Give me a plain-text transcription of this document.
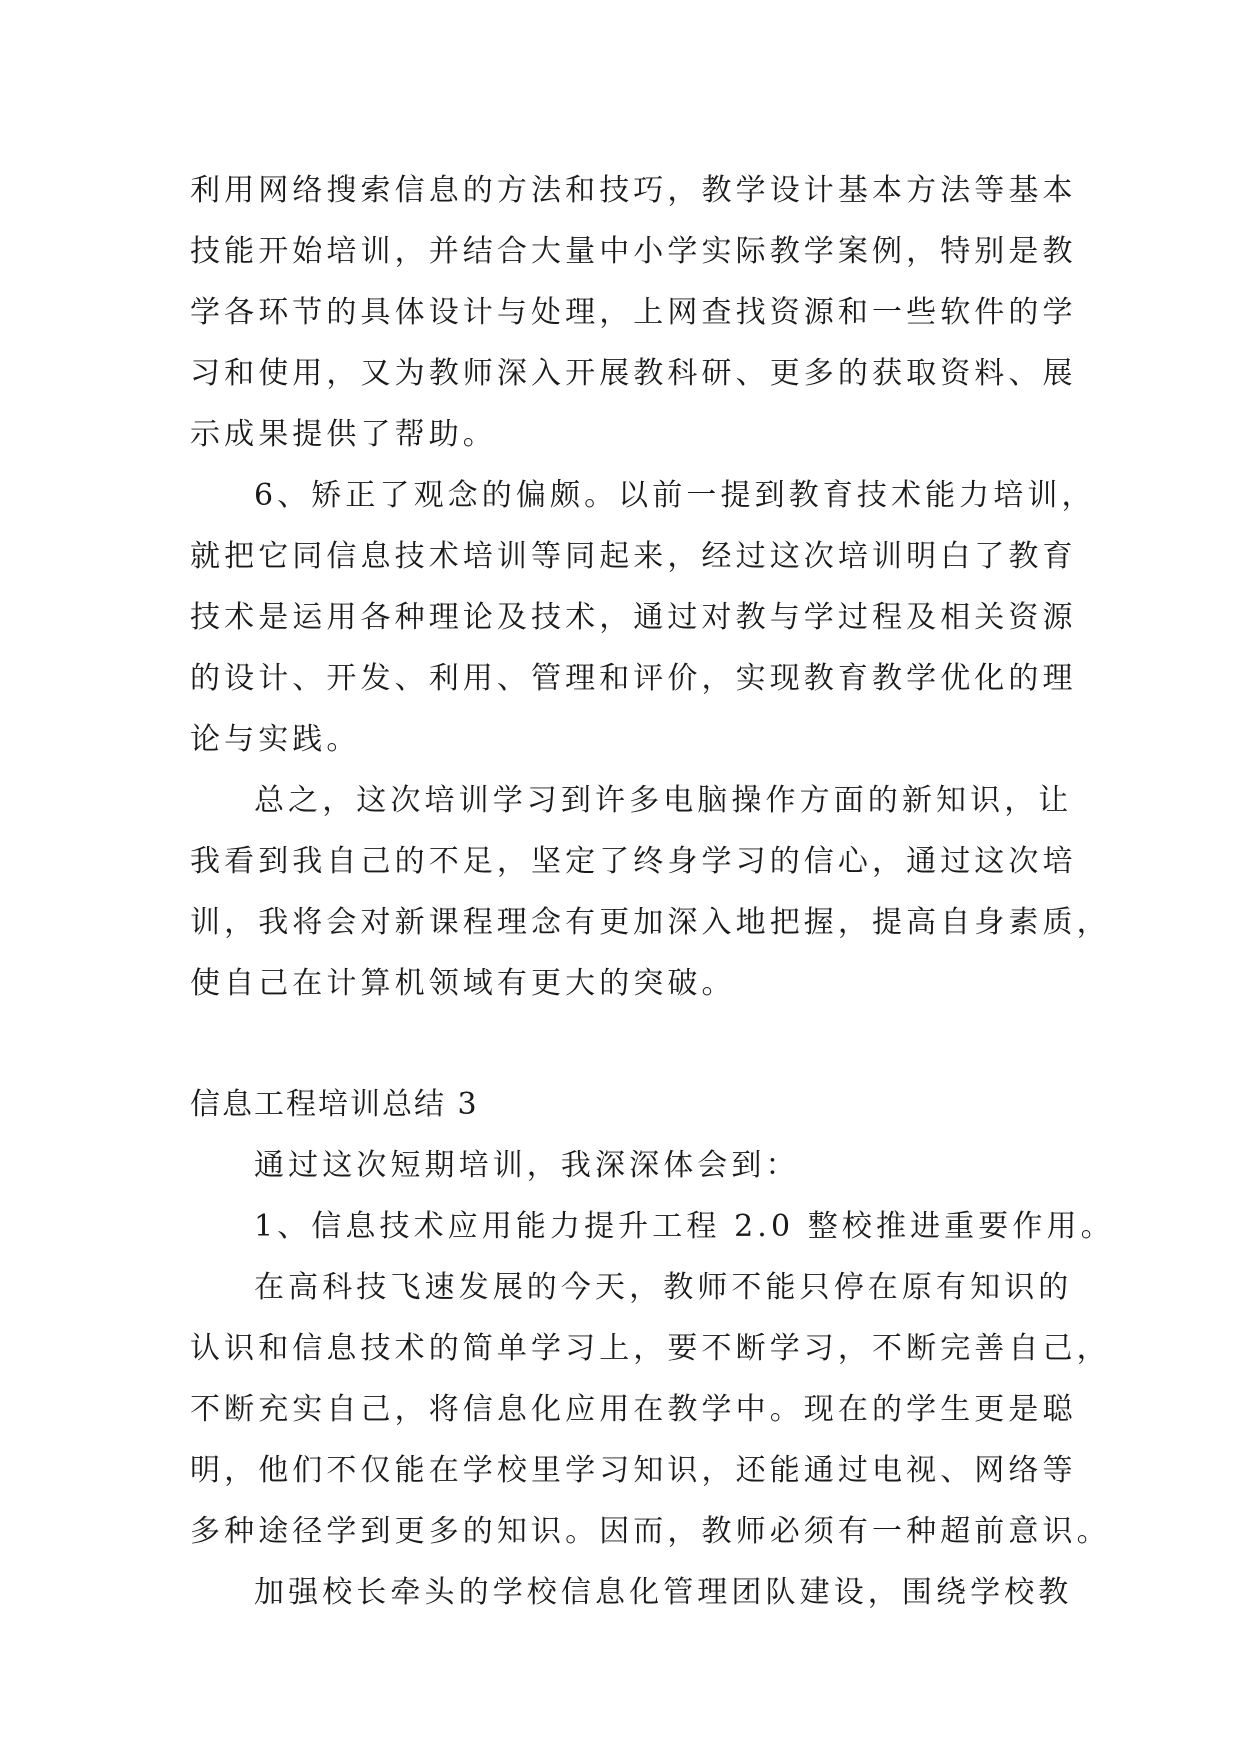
利用网络搜索信息的方法和技巧，教学设计基本方法等基本
技能开始培训，并结合大量中小学实际教学案例，特别是教
学各环节的具体设计与处理，上网查找资源和一些软件的学
习和使用，又为教师深入开展教科研、更多的获取资料、展
示成果提供了帮助。
6、矫正了观念的偏颇。以前一提到教育技术能力培训，
就把它同信息技术培训等同起来，经过这次培训明白了教育
技术是运用各种理论及技术，通过对教与学过程及相关资源
的设计、开发、利用、管理和评价，实现教育教学优化的理
论与实践。
总之，这次培训学习到许多电脑操作方面的新知识，让
我看到我自己的不足，坚定了终身学习的信心，通过这次培
训，我将会对新课程理念有更加深入地把握，提高自身素质，
使自己在计算机领域有更大的突破。
信息工程培训总结 3
通过这次短期培训，我深深体会到：
1、信息技术应用能力提升工程 2.0 整校推进重要作用。
在高科技飞速发展的今天，教师不能只停在原有知识的
认识和信息技术的简单学习上，要不断学习，不断完善自己，
不断充实自己，将信息化应用在教学中。现在的学生更是聪
明，他们不仅能在学校里学习知识，还能通过电视、网络等
多种途径学到更多的知识。因而，教师必须有一种超前意识。
加强校长牵头的学校信息化管理团队建设，围绕学校教
